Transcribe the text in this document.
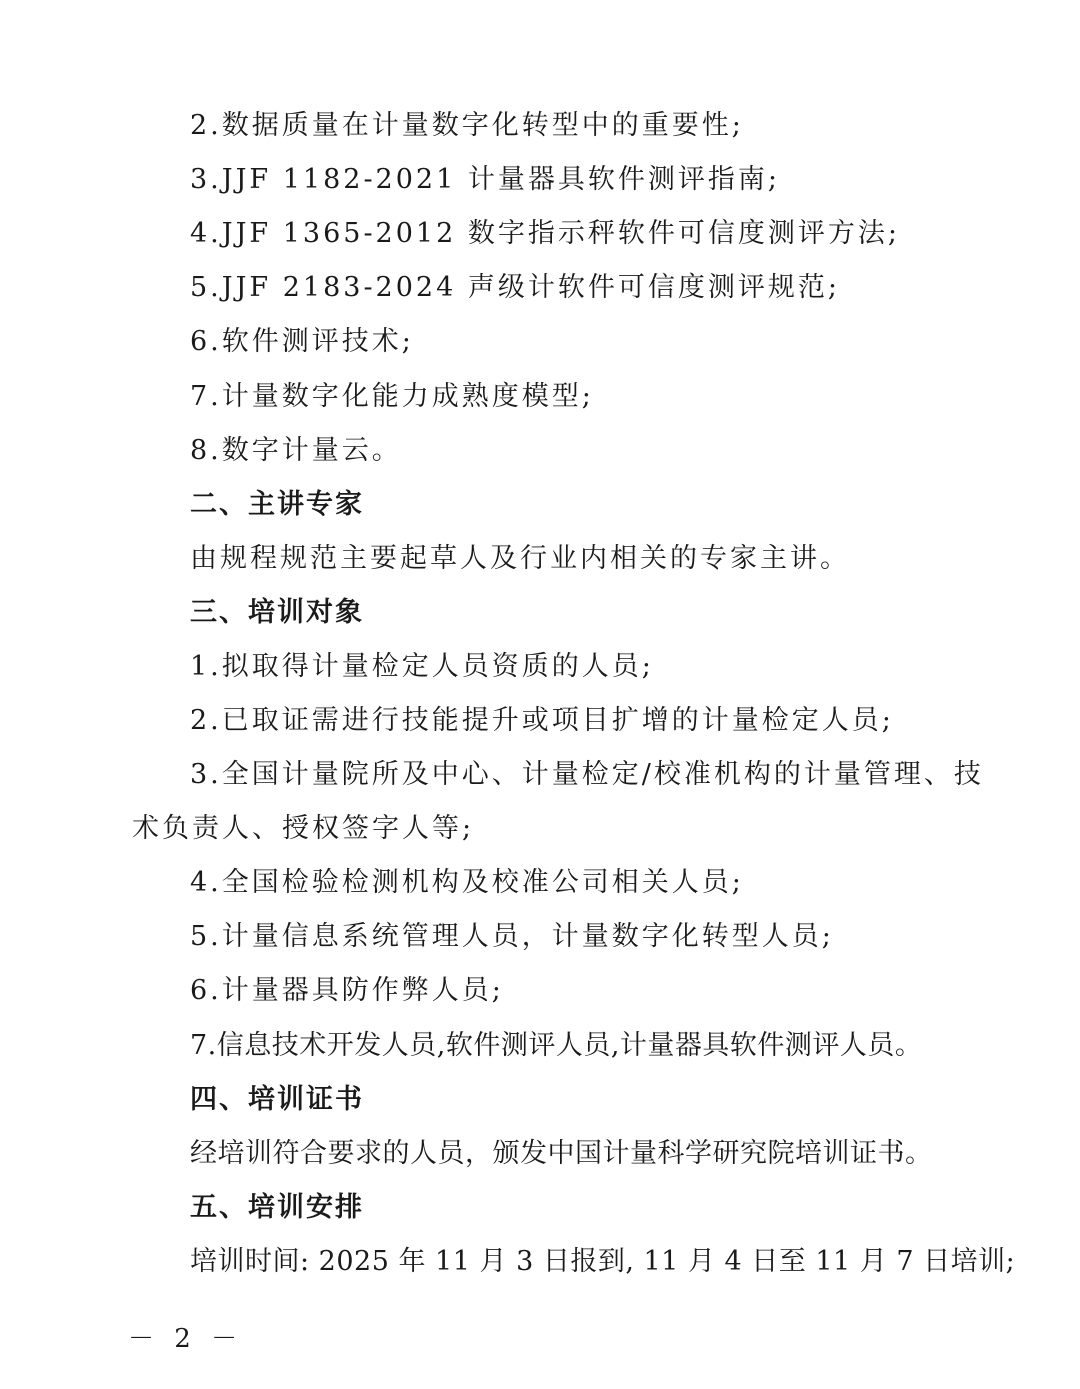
2.数据质量在计量数字化转型中的重要性;
3.JJF 1182-2021 计量器具软件测评指南;
4.JJF 1365-2012 数字指示秤软件可信度测评方法;
5.JJF 2183-2024 声级计软件可信度测评规范;
6.软件测评技术;
7.计量数字化能力成熟度模型;
8.数字计量云。
二、主讲专家
由规程规范主要起草人及行业内相关的专家主讲。
三、培训对象
1.拟取得计量检定人员资质的人员;
2.已取证需进行技能提升或项目扩增的计量检定人员;
3.全国计量院所及中心、计量检定/校准机构的计量管理、技
术负责人、授权签字人等;
4.全国检验检测机构及校准公司相关人员;
5.计量信息系统管理人员，计量数字化转型人员;
6.计量器具防作弊人员;
7.信息技术开发人员,软件测评人员,计量器具软件测评人员。
四、培训证书
经培训符合要求的人员，颁发中国计量科学研究院培训证书。
五、培训安排
培训时间: 2025 年 11 月 3 日报到, 11 月 4 日至 11 月 7 日培训;
－ 2 －
